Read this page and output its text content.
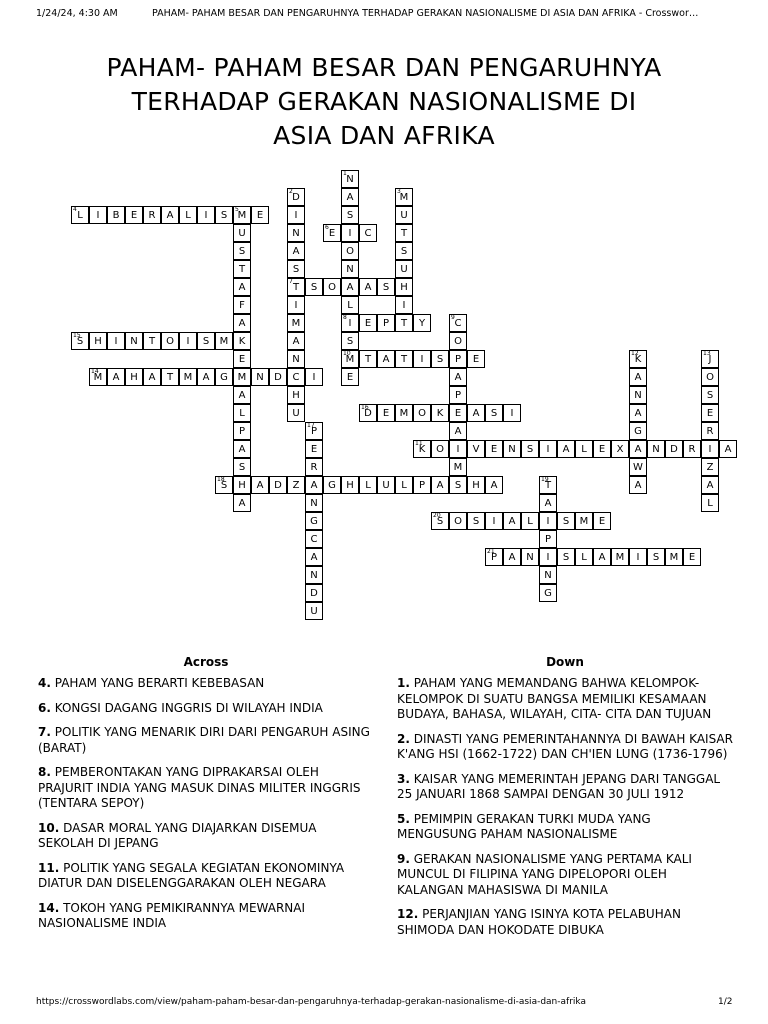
1/24/24, 4:30 AM	PAHAM- PAHAM BESAR DAN PENGARUHNYA TERHADAP GERAKAN NASIONALISME DI ASIA DAN AFRIKA - Crosswor…
PAHAM- PAHAM BESAR DAN PENGARUHNYA
TERHADAP GERAKAN NASIONALISME DI
ASIA DAN AFRIKA
N
1
A
S
I
O
N
A
L
I
8
S
M
10
E
D
2
I
N
A
S
T
7
I
M
A
N
C
H
U
M
3
U
T
S
U
H
I
T
L
4
I	B	E	R	A	L	I	S	M
5
E
U
S
T
A
F
A
K
E
M
A
L
P
A
S
H
A
E
6
C
S	O	A	S
E	P	Y	C
9
O
P
A
P
E
A
I
M
T	A	T	I	S	E
K
11
O	V	E	N	S	I	A	L	E	X	A	N	D	R	I	A
K
12
A
N
A
G
W
A
J
13
O
S
E
R
Z
A
L
M
14
A	H	A	T	M	A	G	N	D	I
S
15
H	I	N	T	O	I	S	M
D
16
E	M O	K	A	S	I
P
17
E
R
A
N
G
C
A
N
D
U
S
18
A	D	Z	G	H	L	U	L	P	A	S	H	A	T
19
A
I
P
I
N
G
S
20
O	S	I	A	L	S	M	E
P
21
A	N	S	L	A	M	I	S	M	E
Across	Down

4. PAHAM YANG BERARTI KEBEBASAN

6. KONGSI DAGANG INGGRIS DI WILAYAH INDIA

7. POLITIK YANG MENARIK DIRI DARI PENGARUH ASING (BARAT)

8. PEMBERONTAKAN YANG DIPRAKARSAI OLEH PRAJURIT INDIA YANG MASUK DINAS MILITER INGGRIS (TENTARA SEPOY)

10. DASAR MORAL YANG DIAJARKAN DISEMUA SEKOLAH DI JEPANG

11. POLITIK YANG SEGALA KEGIATAN EKONOMINYA DIATUR DAN DISELENGGARAKAN OLEH NEGARA

14. TOKOH YANG PEMIKIRANNYA MEWARNAI NASIONALISME INDIA

1. PAHAM YANG MEMANDANG BAHWA KELOMPOK- KELOMPOK DI SUATU BANGSA MEMILIKI KESAMAAN BUDAYA, BAHASA, WILAYAH, CITA- CITA DAN TUJUAN

2. DINASTI YANG PEMERINTAHANNYA DI BAWAH KAISAR K'ANG HSI (1662-1722) DAN CH'IEN LUNG (1736-1796)

3. KAISAR YANG MEMERINTAH JEPANG DARI TANGGAL 25 JANUARI 1868 SAMPAI DENGAN 30 JULI 1912

5. PEMIMPIN GERAKAN TURKI MUDA YANG MENGUSUNG PAHAM NASIONALISME

9. GERAKAN NASIONALISME YANG PERTAMA KALI MUNCUL DI FILIPINA YANG DIPELOPORI OLEH KALANGAN MAHASISWA DI MANILA

12. PERJANJIAN YANG ISINYA KOTA PELABUHAN SHIMODA DAN HOKODATE DIBUKA

https://crosswordlabs.com/view/paham-paham-besar-dan-pengaruhnya-terhadap-gerakan-nasionalisme-di-asia-dan-afrika	1/2
